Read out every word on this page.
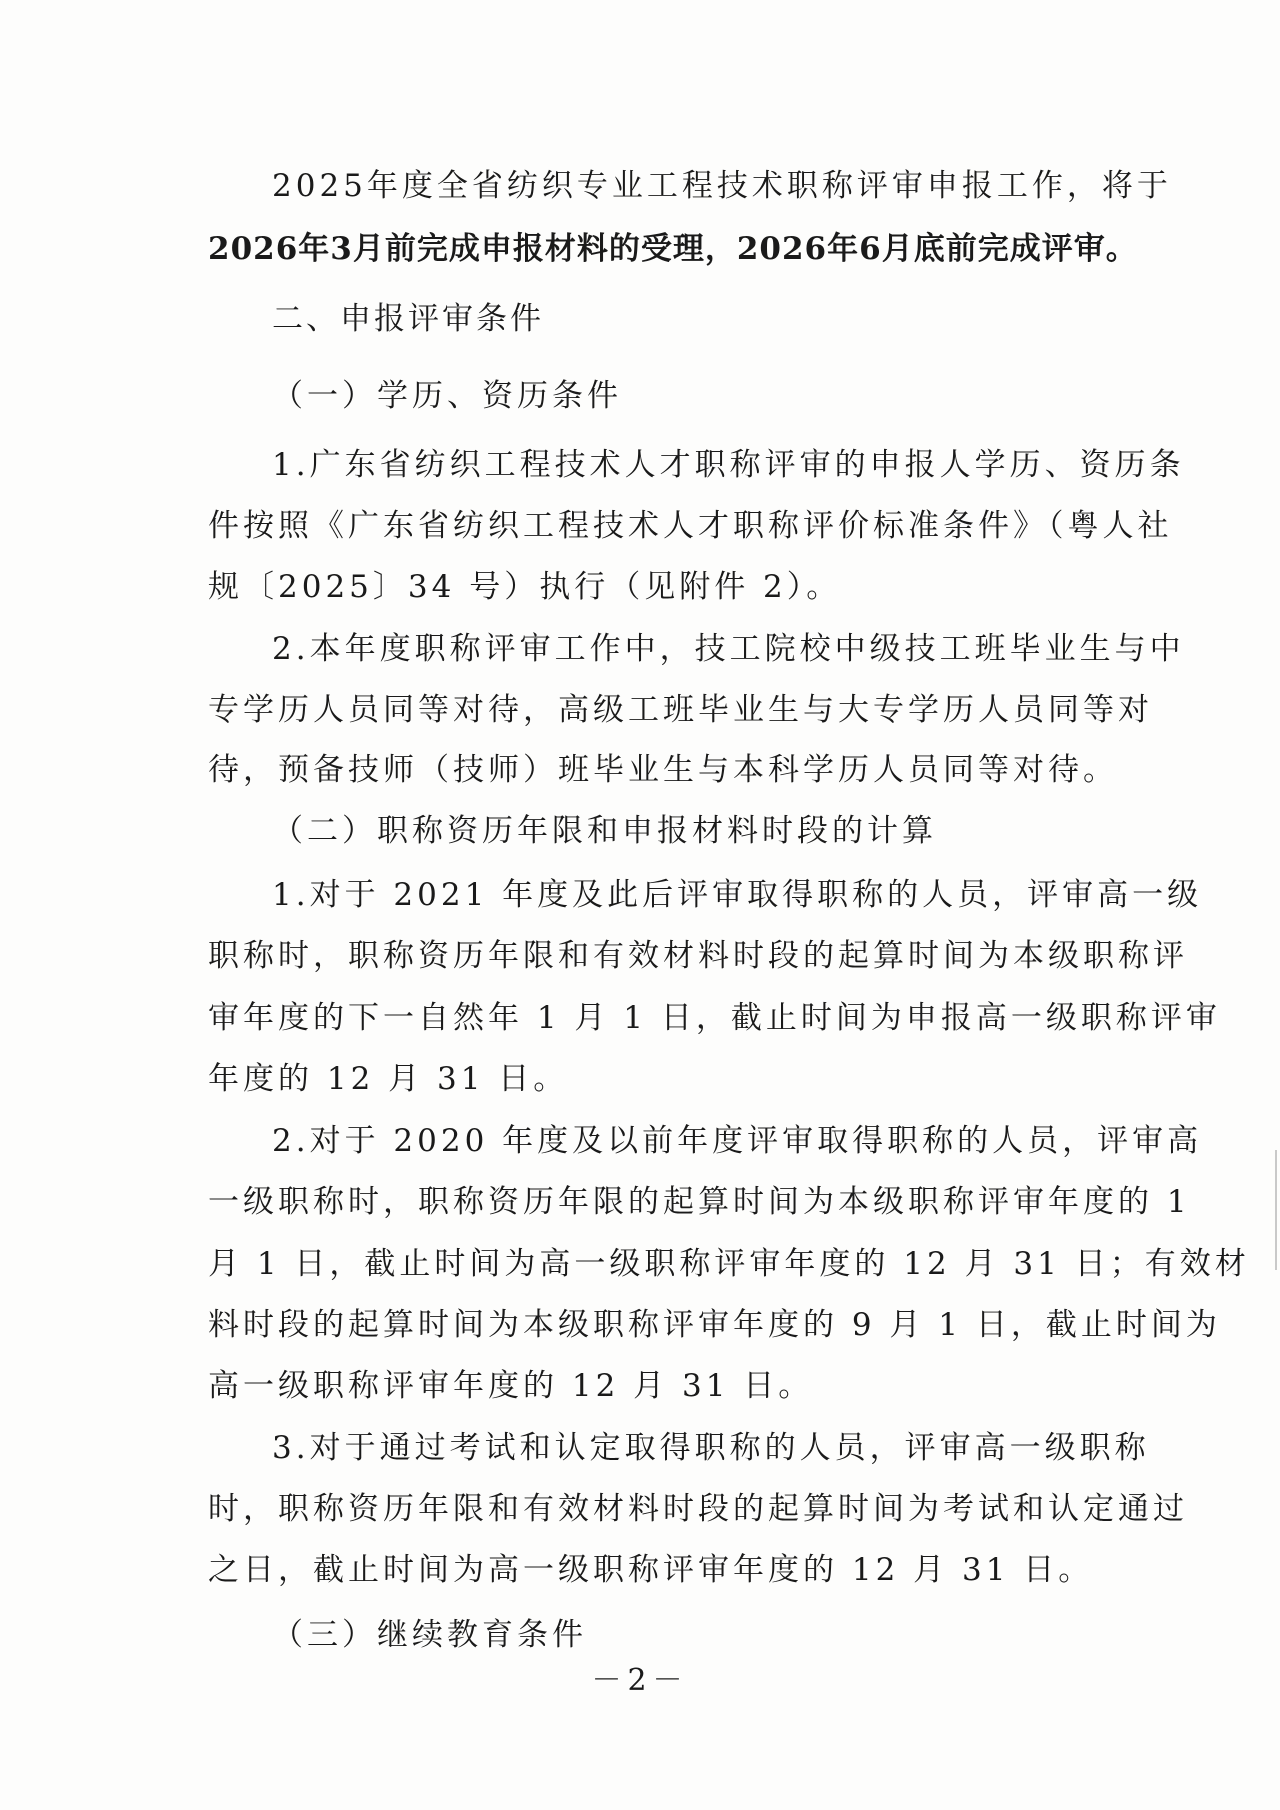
2025年度全省纺织专业工程技术职称评审申报工作，将于
2026年3月前完成申报材料的受理，2026年6月底前完成评审。
二、申报评审条件
（一）学历、资历条件
1.广东省纺织工程技术人才职称评审的申报人学历、资历条
件按照《广东省纺织工程技术人才职称评价标准条件》（粤人社
规〔2025〕34 号）执行（见附件 2）。
2.本年度职称评审工作中，技工院校中级技工班毕业生与中
专学历人员同等对待，高级工班毕业生与大专学历人员同等对
待，预备技师（技师）班毕业生与本科学历人员同等对待。
（二）职称资历年限和申报材料时段的计算
1.对于 2021 年度及此后评审取得职称的人员，评审高一级
职称时，职称资历年限和有效材料时段的起算时间为本级职称评
审年度的下一自然年 1 月 1 日，截止时间为申报高一级职称评审
年度的 12 月 31 日。
2.对于 2020 年度及以前年度评审取得职称的人员，评审高
一级职称时，职称资历年限的起算时间为本级职称评审年度的 1
月 1 日，截止时间为高一级职称评审年度的 12 月 31 日；有效材
料时段的起算时间为本级职称评审年度的 9 月 1 日，截止时间为
高一级职称评审年度的 12 月 31 日。
3.对于通过考试和认定取得职称的人员，评审高一级职称
时，职称资历年限和有效材料时段的起算时间为考试和认定通过
之日，截止时间为高一级职称评审年度的 12 月 31 日。
（三）继续教育条件
－2－
